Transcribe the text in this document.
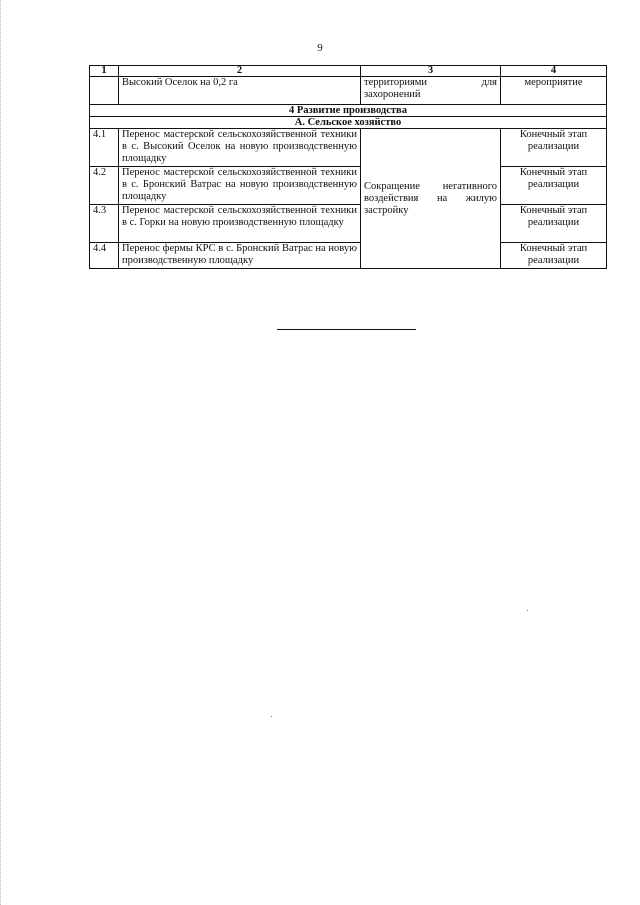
9
1	2	3	4
	Высокий Оселок на 0,2 га	территориями для захоронений	мероприятие
4 Развитие производства			
А. Сельское хозяйство			
4.1	Перенос мастерской сельскохозяйственной техники в с. Высокий Оселок на новую производственную площадку	Сокращение негативного воздействия на жилую застройку	Конечный этап реализации
4.2	Перенос мастерской сельскохозяйственной техники в с. Бронский Ватрас на новую производственную площадку		Конечный этап реализации
4.3	Перенос мастерской сельскохозяйственной техники в с. Горки на новую производственную площадку		Конечный этап реализации
4.4	Перенос фермы КРС в с. Бронский Ватрас на новую производственную площадку		Конечный этап реализации
